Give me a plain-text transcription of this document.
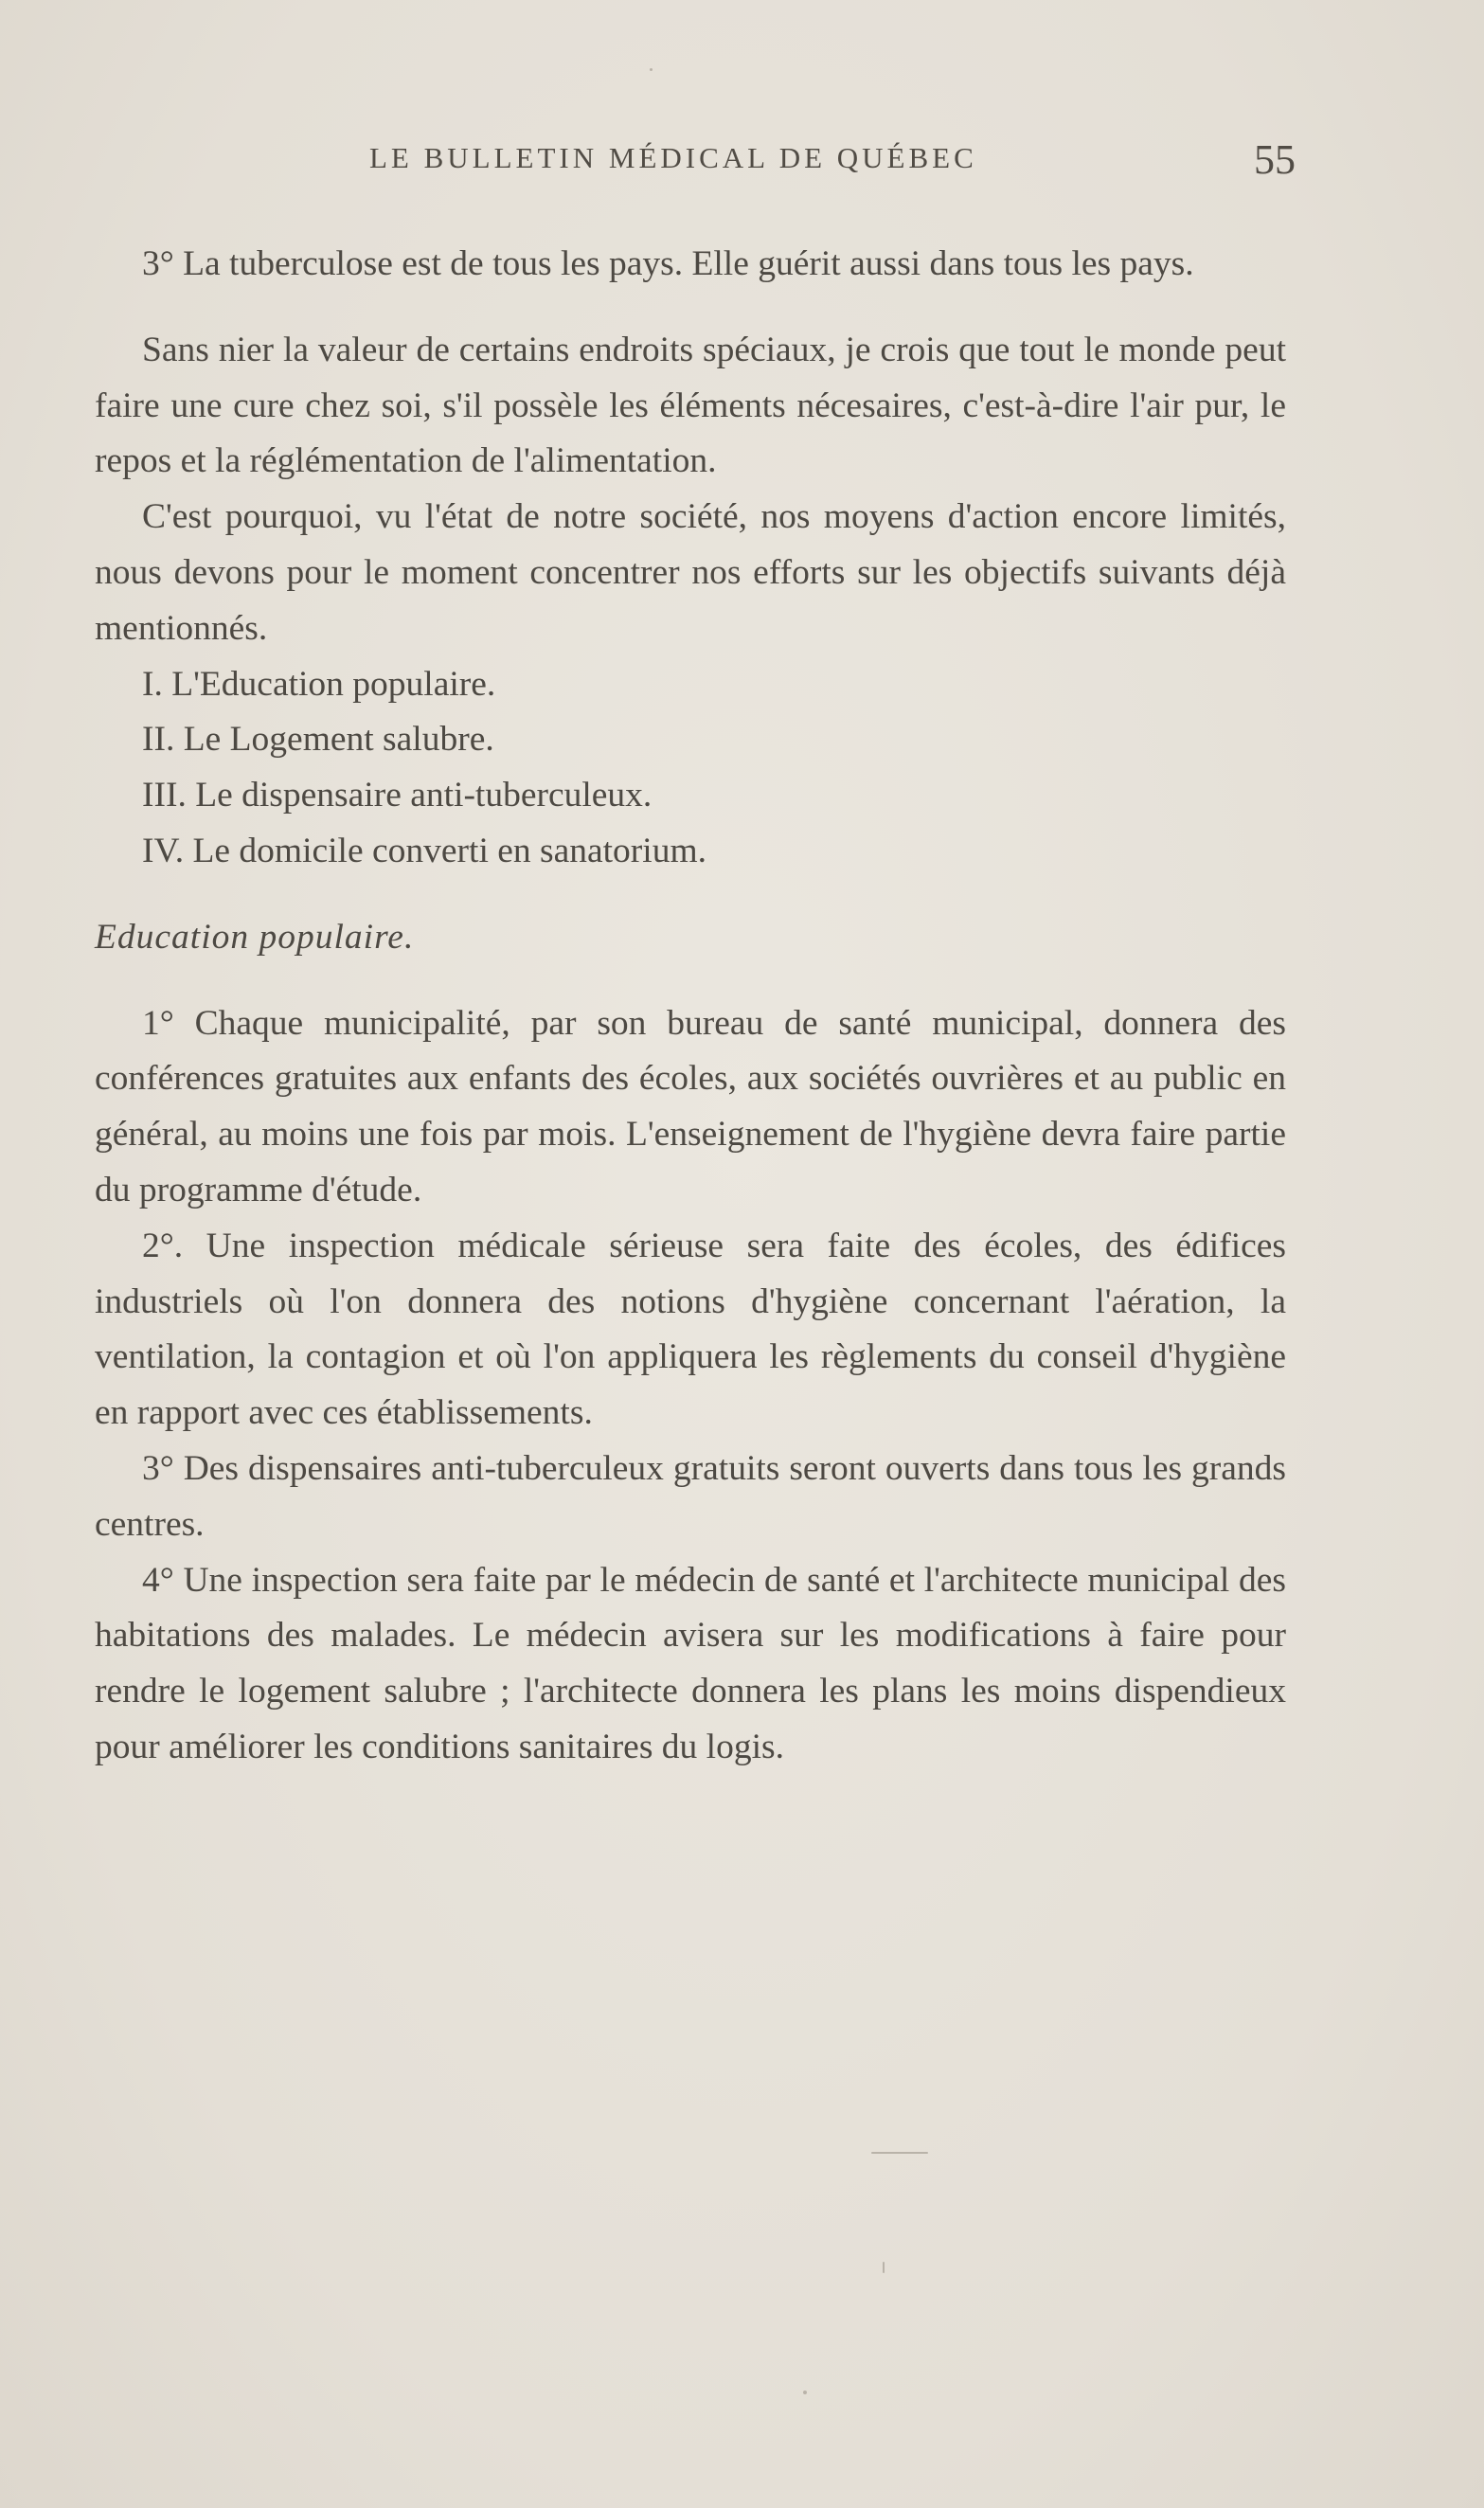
LE BULLETIN MÉDICAL DE QUÉBEC	55

3° La tuberculose est de tous les pays. Elle guérit aussi dans tous les pays.

Sans nier la valeur de certains endroits spéciaux, je crois que tout le monde peut faire une cure chez soi, s'il possèle les éléments nécesaires, c'est-à-dire l'air pur, le repos et la réglémentation de l'alimentation.

C'est pourquoi, vu l'état de notre société, nos moyens d'action encore limités, nous devons pour le moment concentrer nos efforts sur les objectifs suivants déjà mentionnés.

I. L'Education populaire.

II. Le Logement salubre.

III. Le dispensaire anti-tuberculeux.

IV. Le domicile converti en sanatorium.

Education populaire.

1° Chaque municipalité, par son bureau de santé municipal, donnera des conférences gratuites aux enfants des écoles, aux sociétés ouvrières et au public en général, au moins une fois par mois. L'enseignement de l'hygiène devra faire partie du programme d'étude.

2°. Une inspection médicale sérieuse sera faite des écoles, des édifices industriels où l'on donnera des notions d'hygiène concernant l'aération, la ventilation, la contagion et où l'on appliquera les règlements du conseil d'hygiène en rapport avec ces établissements.

3° Des dispensaires anti-tuberculeux gratuits seront ouverts dans tous les grands centres.

4° Une inspection sera faite par le médecin de santé et l'architecte municipal des habitations des malades. Le médecin avisera sur les modifications à faire pour rendre le logement salubre ; l'architecte donnera les plans les moins dispendieux pour améliorer les conditions sanitaires du logis.
